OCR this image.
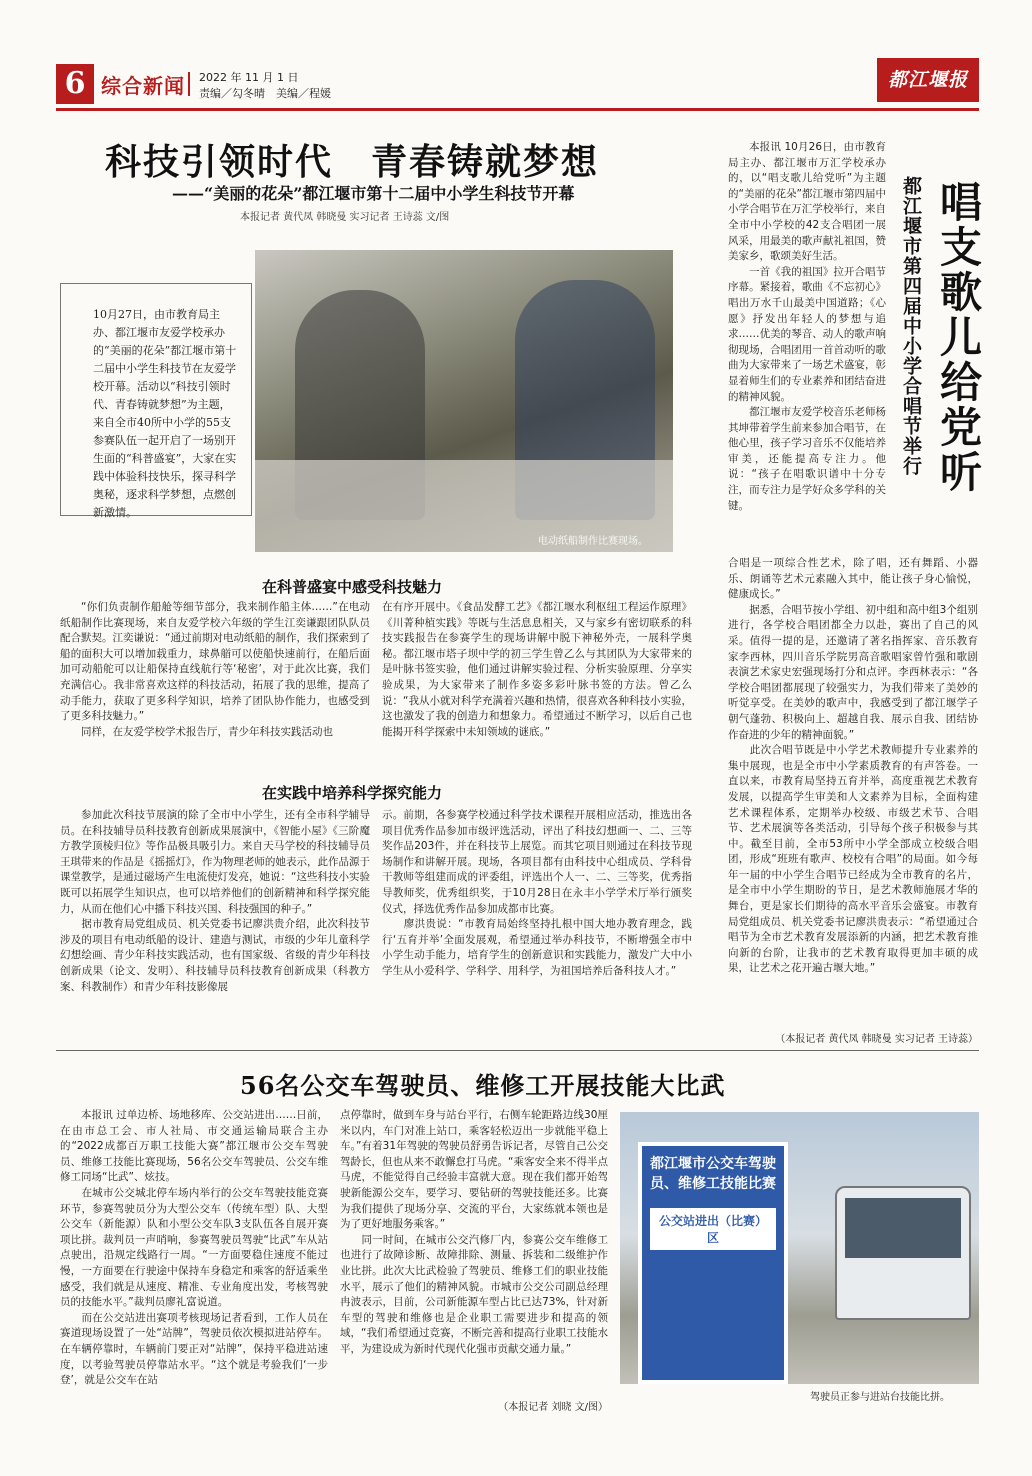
6 综合新闻 2022 年 11 月 1 日
责编／勾冬晴　美编／程媛
都江堰报
科技引领时代　青春铸就梦想
——“美丽的花朵”都江堰市第十二届中小学生科技节开幕
本报记者 黄代凤 韩晓曼 实习记者 王诗蕊 文/图
10月27日，由市教育局主办、都江堰市友爱学校承办的“美丽的花朵”都江堰市第十二届中小学生科技节在友爱学校开幕。活动以“科技引领时代、青春铸就梦想”为主题，来自全市40所中小学的55支参赛队伍一起开启了一场别开生面的“科普盛宴”，大家在实践中体验科技快乐，探寻科学奥秘，逐求科学梦想，点燃创新激情。
电动纸船制作比赛现场。
在科普盛宴中感受科技魅力

“你们负责制作船舱等细节部分，我来制作船主体……”在电动纸船制作比赛现场，来自友爱学校六年级的学生江奕谦跟团队队员配合默契。江奕谦说：“通过前期对电动纸船的制作，我们探索到了船的面积大可以增加载重力，球鼻艏可以使船快速前行，在船后面加可动船舵可以让船保持直线航行等‘秘密’，对于此次比赛，我们充满信心。我非常喜欢这样的科技活动，拓展了我的思维，提高了动手能力，获取了更多科学知识，培养了团队协作能力，也感受到了更多科技魅力。”
　　同样，在友爱学校学术报告厅，青少年科技实践活动也

在有序开展中。《食品发酵工艺》《都江堰水利枢纽工程运作原理》《川菁种植实践》等既与生活息息相关，又与家乡有密切联系的科技实践报告在参赛学生的现场讲解中脱下神秘外壳，一展科学奥秘。都江堰市塔子坝中学的初三学生曾乙么与其团队为大家带来的是叶脉书签实验，他们通过讲解实验过程、分析实验原理、分享实验成果，为大家带来了制作多姿多彩叶脉书签的方法。曾乙么说：“我从小就对科学充满着兴趣和热情，很喜欢各种科技小实验，这也激发了我的创造力和想象力。希望通过不断学习，以后自己也能揭开科学探索中未知领域的谜底。”

在实践中培养科学探究能力

参加此次科技节展演的除了全市中小学生，还有全市科学辅导员。在科技辅导员科技教育创新成果展演中，《智能小屋》《三阶魔方教学顶棱归位》等作品极具吸引力。来自天马学校的科技辅导员王琪带来的作品是《摇摇灯》，作为物理老师的她表示，此作品源于课堂教学，是通过磁场产生电流使灯发亮，她说：“这些科技小实验既可以拓展学生知识点，也可以培养他们的创新精神和科学探究能力，从而在他们心中播下科技兴国、科技强国的种子。”
　　据市教育局党组成员、机关党委书记廖洪贵介绍，此次科技节涉及的项目有电动纸船的设计、建造与测试，市级的少年儿童科学幻想绘画、青少年科技实践活动，也有国家级、省级的青少年科技创新成果（论文、发明）、科技辅导员科技教育创新成果（科教方案、科教制作）和青少年科技影像展

示。前期，各参赛学校通过科学技术课程开展相应活动，推选出各项目优秀作品参加市级评选活动，评出了科技幻想画一、二、三等奖作品203件，并在科技节上展览。而其它项目则通过在科技节现场制作和讲解开展。现场，各项目都有由科技中心组成员、学科骨干教师等组建而成的评委组，评选出个人一、二、三等奖，优秀指导教师奖，优秀组织奖，于10月28日在永丰小学学术厅举行颁奖仪式，择选优秀作品参加成都市比赛。
　　廖洪贵说：“市教育局始终坚持扎根中国大地办教育理念，践行‘五育并举’全面发展观，希望通过举办科技节，不断增强全市中小学生动手能力，培育学生的创新意识和实践能力，激发广大中小学生从小爱科学、学科学、用科学，为祖国培养后备科技人才。”

唱支歌儿给党听
都江堰市第四届中小学合唱节举行

本报讯 10月26日，由市教育局主办、都江堰市万汇学校承办的，以“唱支歌儿给党听”为主题的“美丽的花朵”都江堰市第四届中小学合唱节在万汇学校举行，来自全市中小学校的42支合唱团一展风采，用最美的歌声献礼祖国，赞美家乡，歌颂美好生活。
　　一首《我的祖国》拉开合唱节序幕。紧接着，歌曲《不忘初心》唱出万水千山最美中国道路；《心愿》抒发出年轻人的梦想与追求……优美的琴音、动人的歌声响彻现场，合唱团用一首首动听的歌曲为大家带来了一场艺术盛宴，彰显着师生们的专业素养和团结奋进的精神风貌。
　　都江堰市友爱学校音乐老师杨其坤带着学生前来参加合唱节，在他心里，孩子学习音乐不仅能培养审美，还能提高专注力。他说：“孩子在唱歌识谱中十分专注，而专注力是学好众多学科的关键。

合唱是一项综合性艺术，除了唱，还有舞蹈、小器乐、朗诵等艺术元素融入其中，能让孩子身心愉悦，健康成长。”
　　据悉，合唱节按小学组、初中组和高中组3个组别进行，各学校合唱团都全力以赴，赛出了自己的风采。值得一提的是，还邀请了著名指挥家、音乐教育家李西林，四川音乐学院男高音歌唱家曾竹强和歌剧表演艺术家史宏强现场打分和点评。李西林表示：“各学校合唱团都展现了较强实力，为我们带来了美妙的听觉享受。在美妙的歌声中，我感受到了都江堰学子朝气蓬勃、积极向上、超越自我、展示自我、团结协作奋进的少年的精神面貌。”
　　此次合唱节既是中小学艺术教师提升专业素养的集中展现，也是全市中小学素质教育的有声答卷。一直以来，市教育局坚持五育并举，高度重视艺术教育发展，以提高学生审美和人文素养为目标，全面构建艺术课程体系，定期举办校级、市级艺术节、合唱节、艺术展演等各类活动，引导每个孩子积极参与其中。截至目前，全市53所中小学全部成立校级合唱团，形成“班班有歌声、校校有合唱”的局面。如今每年一届的中小学生合唱节已经成为全市教育的名片，是全市中小学生期盼的节日，是艺术教师施展才华的舞台，更是家长们期待的高水平音乐会盛宴。市教育局党组成员、机关党委书记廖洪贵表示：“希望通过合唱节为全市艺术教育发展添新的内涵，把艺术教育推向新的台阶，让我市的艺术教育取得更加丰硕的成果，让艺术之花开遍古堰大地。”

（本报记者 黄代凤 韩晓曼 实习记者 王诗蕊）
56名公交车驾驶员、维修工开展技能大比武

本报讯 过单边桥、场地移库、公交站进出……日前，在由市总工会、市人社局、市交通运输局联合主办的“2022成都百万职工技能大赛”都江堰市公交车驾驶员、维修工技能比赛现场，56名公交车驾驶员、公交车维修工同场“比武”、炫技。
　　在城市公交城北停车场内举行的公交车驾驶技能竞赛环节，参赛驾驶员分为大型公交车（传统车型）队、大型公交车（新能源）队和小型公交车队3支队伍各自展开赛项比拼。裁判员一声哨响，参赛驾驶员驾驶“比武”车从站点驶出，沿规定线路行一周。“一方面要稳住速度不能过慢，一方面要在行驶途中保持车身稳定和乘客的舒适乘坐感受，我们就是从速度、精准、专业角度出发，考核驾驶员的技能水平。”裁判员廖礼富说道。
　　而在公交站进出赛项考核现场记者看到，工作人员在赛道现场设置了一处“站牌”，驾驶员依次模拟进站停车。在车辆停靠时，车辆前门要正对“站牌”，保持平稳进站速度，以考验驾驶员停靠站水平。“这个就是考验我们‘一步登’，就是公交车在站

点停靠时，做到车身与站台平行，右侧车轮距路边线30厘米以内，车门对准上站口，乘客轻松迈出一步就能平稳上车。”有着31年驾驶的驾驶员舒勇告诉记者，尽管自己公交驾龄长，但也从来不敢懈怠打马虎。“乘客安全来不得半点马虎，不能觉得自己经验丰富就大意。现在我们都开始驾驶新能源公交车，要学习、要钻研的驾驶技能还多。比赛为我们提供了现场分享、交流的平台，大家练就本领也是为了更好地服务乘客。”
　　同一时间，在城市公交汽修厂内，参赛公交车维修工也进行了故障诊断、故障排除、测量、拆装和二级维护作业比拼。此次大比武检验了驾驶员、维修工们的职业技能水平，展示了他们的精神风貌。市城市公交公司副总经理冉波表示，目前，公司新能源车型占比已达73%，针对新车型的驾驶和维修也是企业职工需要进步和提高的领域，“我们希望通过竞赛，不断完善和提高行业职工技能水平，为建设成为新时代现代化强市贡献交通力量。”

（本报记者 刘晓 文/图）
都江堰市公交车驾驶员、维修工技能比赛
公交站进出（比赛）区
驾驶员正参与进站台技能比拼。
